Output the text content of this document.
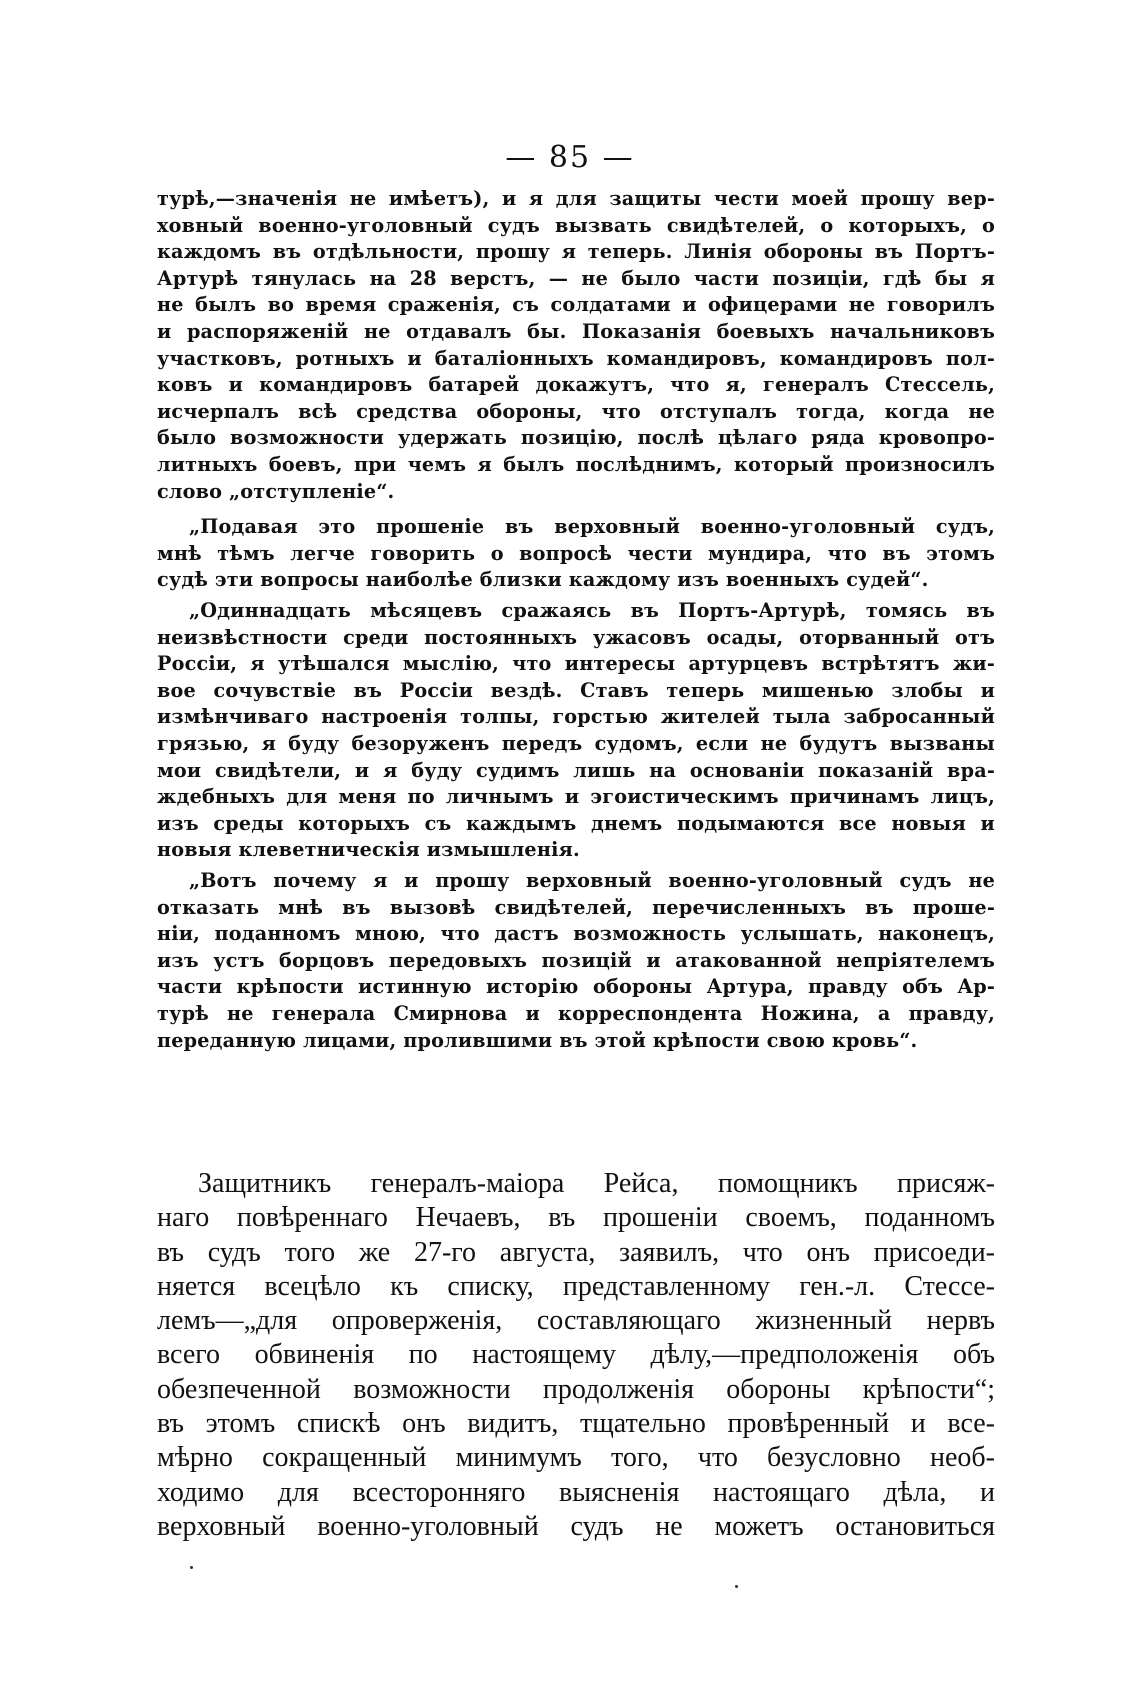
— 85 —
турѣ,—значенія не имѣетъ), и я для защиты чести моей прошу вер-
ховный военно-уголовный судъ вызвать свидѣтелей, о которыхъ, о
каждомъ въ отдѣльности, прошу я теперь. Линія обороны въ Портъ-
Артурѣ тянулась на 28 верстъ, — не было части позиціи, гдѣ бы я
не былъ во время сраженія, съ солдатами и офицерами не говорилъ
и распоряженій не отдавалъ бы. Показанія боевыхъ начальниковъ
участковъ, ротныхъ и баталіонныхъ командировъ, командировъ пол-
ковъ и командировъ батарей докажутъ, что я, генералъ Стессель,
исчерпалъ всѣ средства обороны, что отступалъ тогда, когда не
было возможности удержать позицію, послѣ цѣлаго ряда кровопро-
литныхъ боевъ, при чемъ я былъ послѣднимъ, который произносилъ
слово „отступленіе“.
„Подавая это прошеніе въ верховный военно-уголовный судъ,
мнѣ тѣмъ легче говорить о вопросѣ чести мундира, что въ этомъ
судѣ эти вопросы наиболѣе близки каждому изъ военныхъ судей“.
„Одиннадцать мѣсяцевъ сражаясь въ Портъ-Артурѣ, томясь въ
неизвѣстности среди постоянныхъ ужасовъ осады, оторванный отъ
Россіи, я утѣшался мыслію, что интересы артурцевъ встрѣтятъ жи-
вое сочувствіе въ Россіи вездѣ. Ставъ теперь мишенью злобы и
измѣнчиваго настроенія толпы, горстью жителей тыла забросанный
грязью, я буду безоруженъ передъ судомъ, если не будутъ вызваны
мои свидѣтели, и я буду судимъ лишь на основаніи показаній вра-
ждебныхъ для меня по личнымъ и эгоистическимъ причинамъ лицъ,
изъ среды которыхъ съ каждымъ днемъ подымаются все новыя и
новыя клеветническія измышленія.
„Вотъ почему я и прошу верховный военно-уголовный судъ не
отказать мнѣ въ вызовѣ свидѣтелей, перечисленныхъ въ проше-
ніи, поданномъ мною, что дастъ возможность услышать, наконецъ,
изъ устъ борцовъ передовыхъ позицій и атакованной непріятелемъ
части крѣпости истинную исторію обороны Артура, правду объ Ар-
турѣ не генерала Смирнова и корреспондента Ножина, а правду,
переданную лицами, пролившими въ этой крѣпости свою кровь“.
Защитникъ генералъ-маіора Рейса, помощникъ присяж-
наго повѣреннаго Нечаевъ, въ прошеніи своемъ, поданномъ
въ судъ того же 27-го августа, заявилъ, что онъ присоеди-
няется всецѣло къ списку, представленному ген.-л. Стессе-
лемъ—„для опроверженія, составляющаго жизненный нервъ
всего обвиненія по настоящему дѣлу,—предположенія объ
обезпеченной возможности продолженія обороны крѣпости“;
въ этомъ спискѣ онъ видитъ, тщательно провѣренный и все-
мѣрно сокращенный минимумъ того, что безусловно необ-
ходимо для всесторонняго выясненія настоящаго дѣла, и
верховный военно-уголовный судъ не можетъ остановиться
